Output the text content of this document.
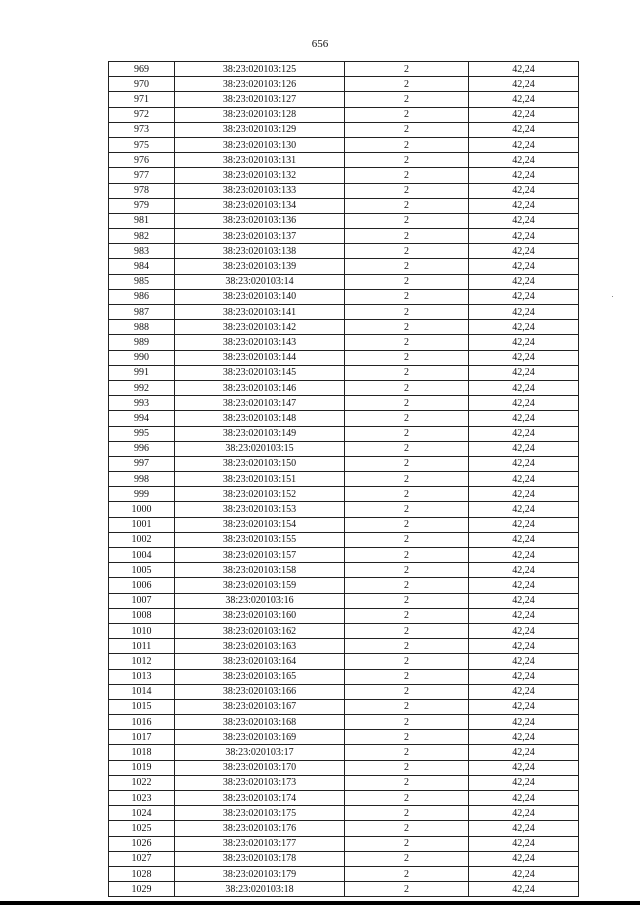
656
969	38:23:020103:125	2	42,24
970	38:23:020103:126	2	42,24
971	38:23:020103:127	2	42,24
972	38:23:020103:128	2	42,24
973	38:23:020103:129	2	42,24
975	38:23:020103:130	2	42,24
976	38:23:020103:131	2	42,24
977	38:23:020103:132	2	42,24
978	38:23:020103:133	2	42,24
979	38:23:020103:134	2	42,24
981	38:23:020103:136	2	42,24
982	38:23:020103:137	2	42,24
983	38:23:020103:138	2	42,24
984	38:23:020103:139	2	42,24
985	38:23:020103:14	2	42,24
986	38:23:020103:140	2	42,24
987	38:23:020103:141	2	42,24
988	38:23:020103:142	2	42,24
989	38:23:020103:143	2	42,24
990	38:23:020103:144	2	42,24
991	38:23:020103:145	2	42,24
992	38:23:020103:146	2	42,24
993	38:23:020103:147	2	42,24
994	38:23:020103:148	2	42,24
995	38:23:020103:149	2	42,24
996	38:23:020103:15	2	42,24
997	38:23:020103:150	2	42,24
998	38:23:020103:151	2	42,24
999	38:23:020103:152	2	42,24
1000	38:23:020103:153	2	42,24
1001	38:23:020103:154	2	42,24
1002	38:23:020103:155	2	42,24
1004	38:23:020103:157	2	42,24
1005	38:23:020103:158	2	42,24
1006	38:23:020103:159	2	42,24
1007	38:23:020103:16	2	42,24
1008	38:23:020103:160	2	42,24
1010	38:23:020103:162	2	42,24
1011	38:23:020103:163	2	42,24
1012	38:23:020103:164	2	42,24
1013	38:23:020103:165	2	42,24
1014	38:23:020103:166	2	42,24
1015	38:23:020103:167	2	42,24
1016	38:23:020103:168	2	42,24
1017	38:23:020103:169	2	42,24
1018	38:23:020103:17	2	42,24
1019	38:23:020103:170	2	42,24
1022	38:23:020103:173	2	42,24
1023	38:23:020103:174	2	42,24
1024	38:23:020103:175	2	42,24
1025	38:23:020103:176	2	42,24
1026	38:23:020103:177	2	42,24
1027	38:23:020103:178	2	42,24
1028	38:23:020103:179	2	42,24
1029	38:23:020103:18	2	42,24
